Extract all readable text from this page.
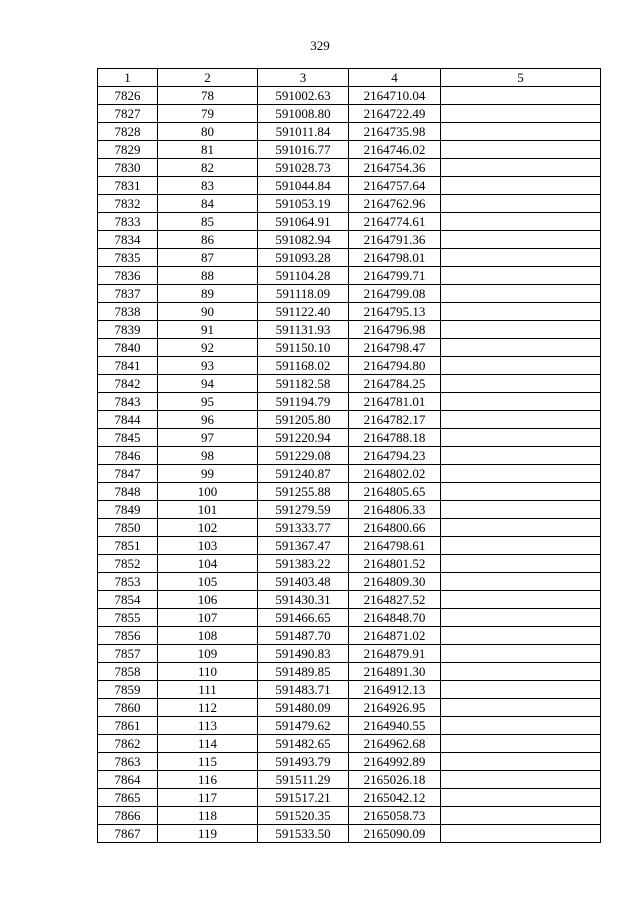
329
1	2	3	4	5
7826	78	591002.63	2164710.04	
7827	79	591008.80	2164722.49	
7828	80	591011.84	2164735.98	
7829	81	591016.77	2164746.02	
7830	82	591028.73	2164754.36	
7831	83	591044.84	2164757.64	
7832	84	591053.19	2164762.96	
7833	85	591064.91	2164774.61	
7834	86	591082.94	2164791.36	
7835	87	591093.28	2164798.01	
7836	88	591104.28	2164799.71	
7837	89	591118.09	2164799.08	
7838	90	591122.40	2164795.13	
7839	91	591131.93	2164796.98	
7840	92	591150.10	2164798.47	
7841	93	591168.02	2164794.80	
7842	94	591182.58	2164784.25	
7843	95	591194.79	2164781.01	
7844	96	591205.80	2164782.17	
7845	97	591220.94	2164788.18	
7846	98	591229.08	2164794.23	
7847	99	591240.87	2164802.02	
7848	100	591255.88	2164805.65	
7849	101	591279.59	2164806.33	
7850	102	591333.77	2164800.66	
7851	103	591367.47	2164798.61	
7852	104	591383.22	2164801.52	
7853	105	591403.48	2164809.30	
7854	106	591430.31	2164827.52	
7855	107	591466.65	2164848.70	
7856	108	591487.70	2164871.02	
7857	109	591490.83	2164879.91	
7858	110	591489.85	2164891.30	
7859	111	591483.71	2164912.13	
7860	112	591480.09	2164926.95	
7861	113	591479.62	2164940.55	
7862	114	591482.65	2164962.68	
7863	115	591493.79	2164992.89	
7864	116	591511.29	2165026.18	
7865	117	591517.21	2165042.12	
7866	118	591520.35	2165058.73	
7867	119	591533.50	2165090.09	
